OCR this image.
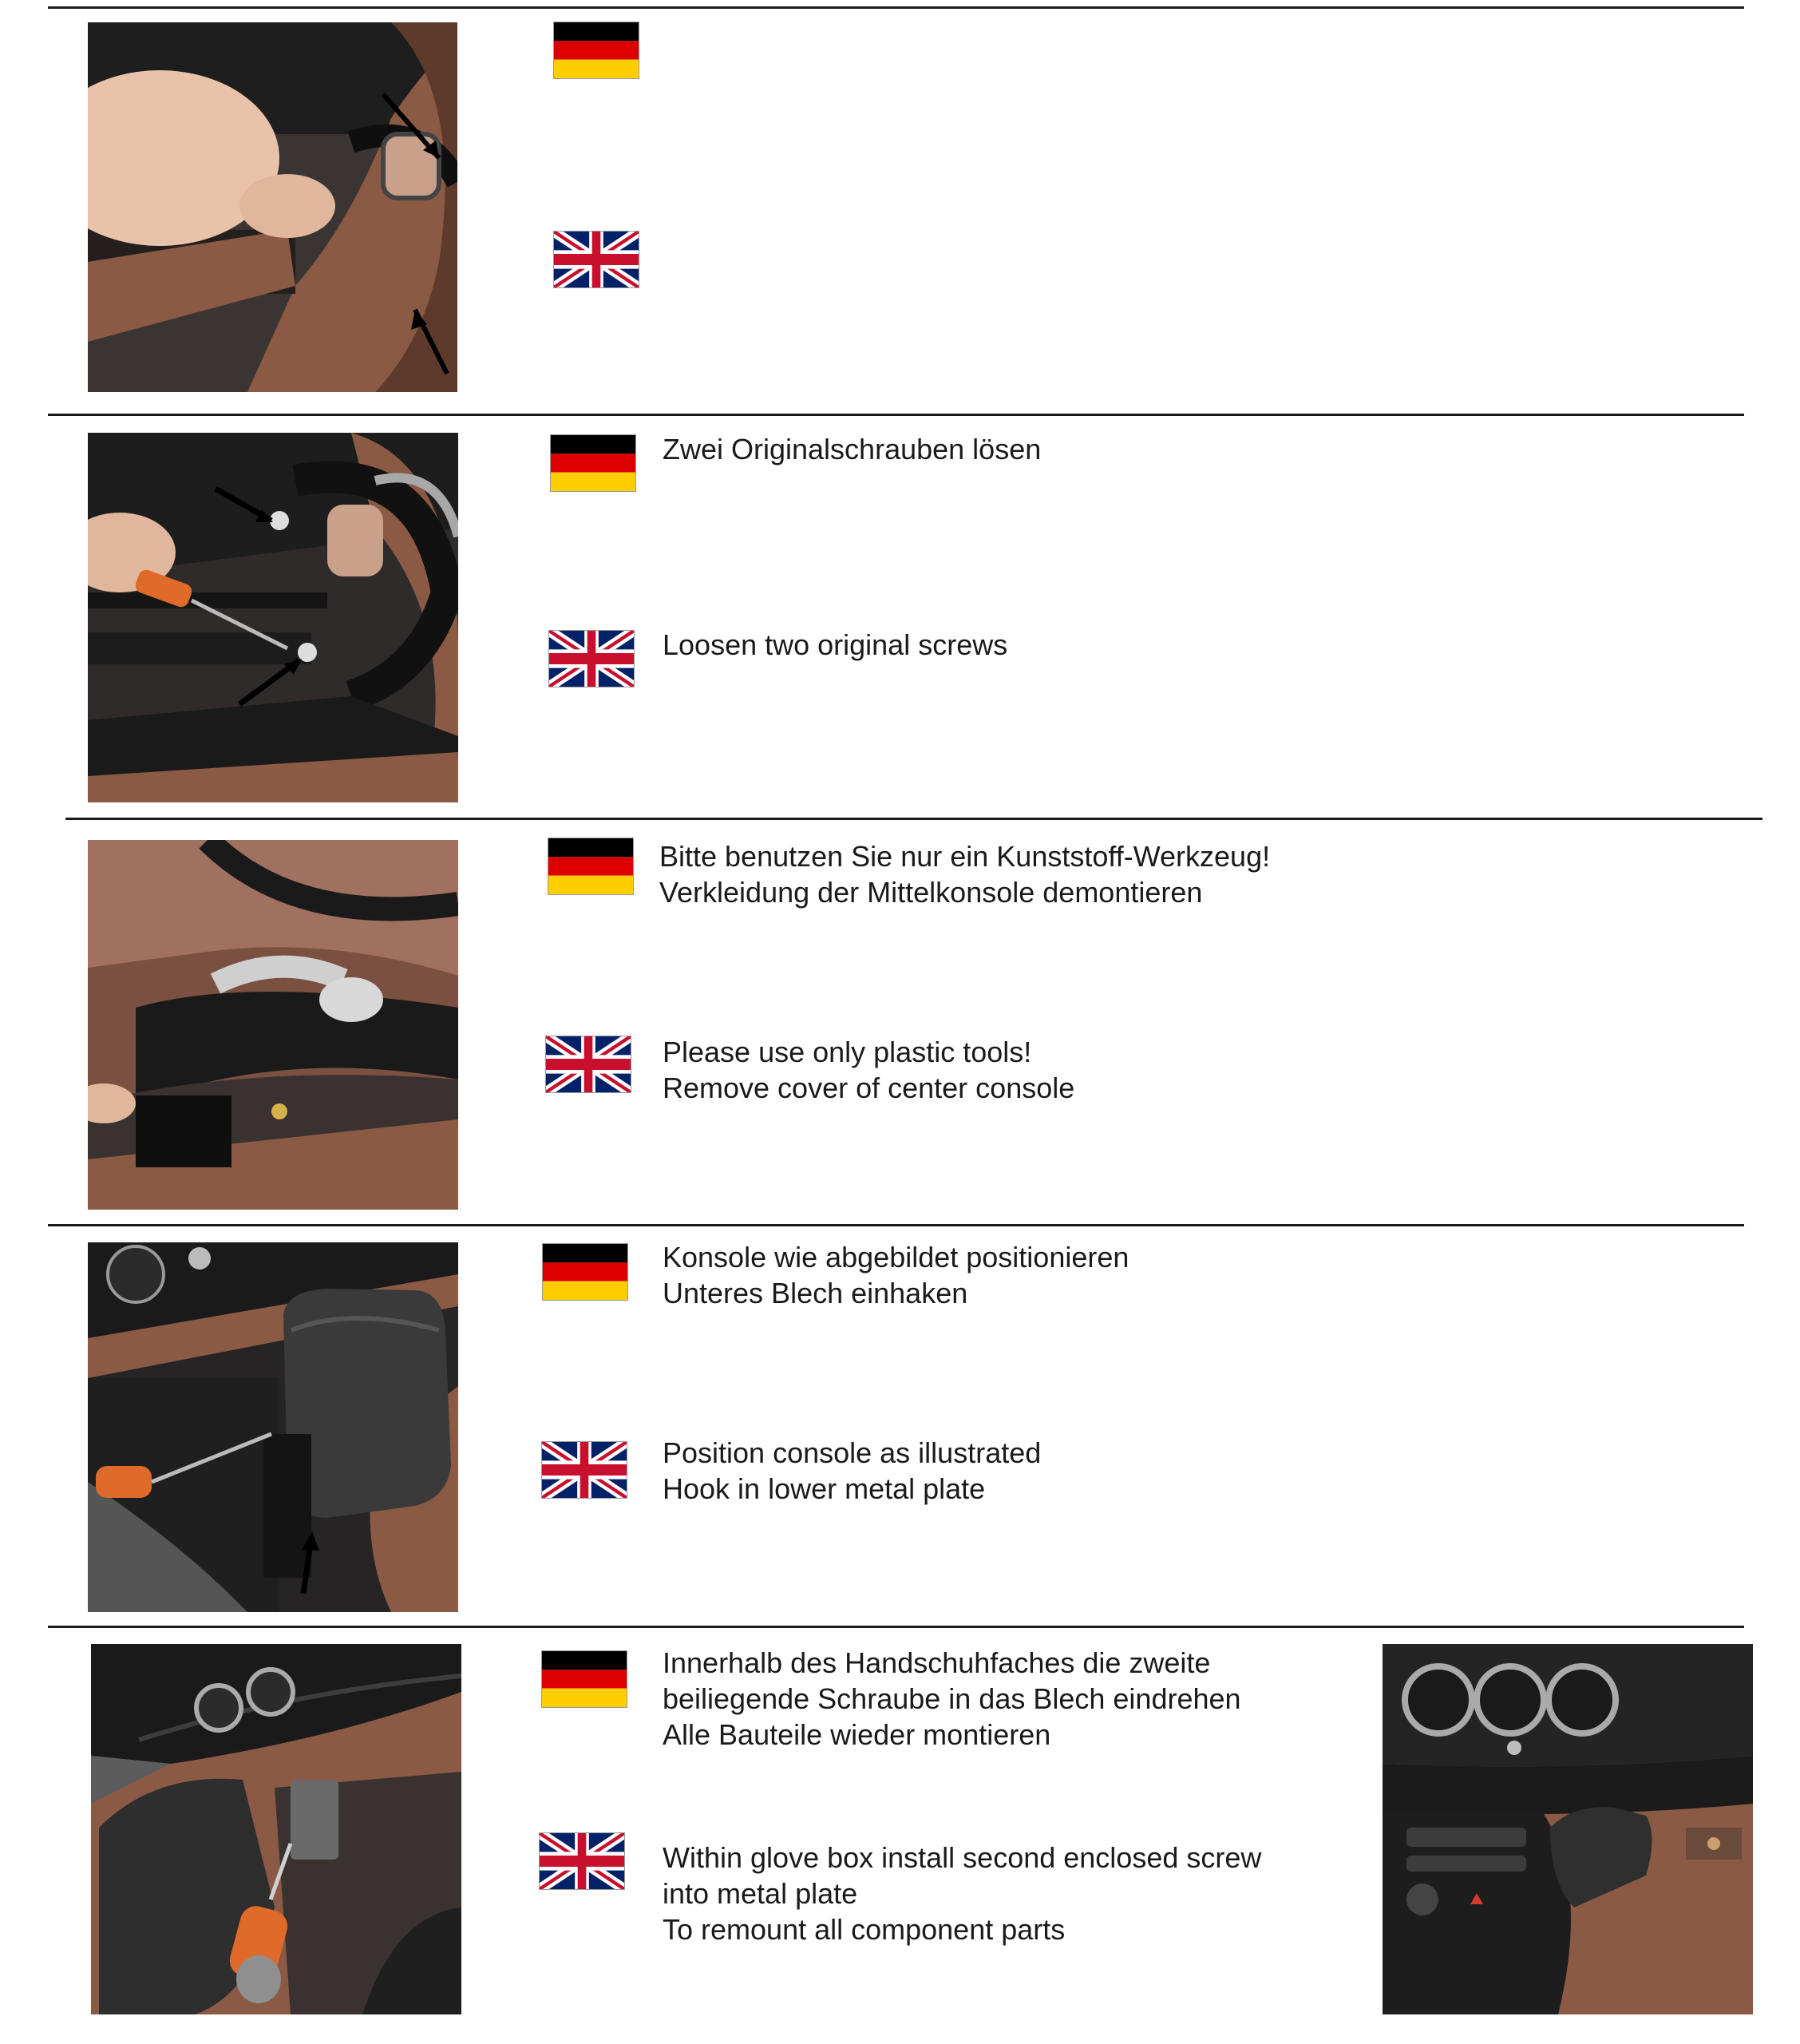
Zwei Originalschrauben lösen
Loosen two original screws
Bitte benutzen Sie nur ein Kunststoff-Werkzeug!
Verkleidung der Mittelkonsole demontieren
Please use only plastic tools!
Remove cover of center console
Konsole wie abgebildet positionieren
Unteres Blech einhaken
Position console as illustrated
Hook in lower metal plate
Innerhalb des Handschuhfaches die zweite
beiliegende Schraube in das Blech eindrehen
Alle Bauteile wieder montieren
Within glove box install second enclosed screw
into metal plate
To remount all component parts
